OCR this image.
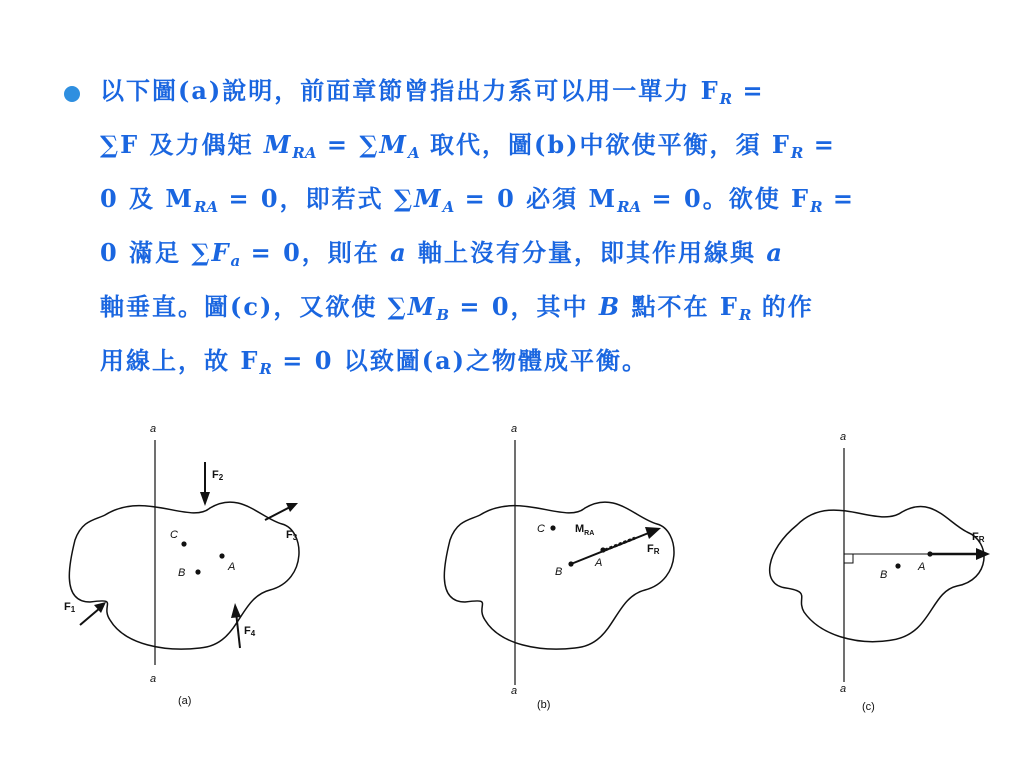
以下圖(a)說明，前面章節曾指出力系可以用一單力 $F_R$ =
∑F 及力偶矩 $M_{RA} = \sum M_A$ 取代，圖(b)中欲使平衡，須 $F_R$ =
0 及 $M_{RA} = 0$，即若式 $\sum M_A = 0$ 必須 $M_{RA} = 0$。欲使 $F_R$ =
0 滿足 $\sum F_a = 0$，則在 a 軸上沒有分量，即其作用線與 a
軸垂直。圖(c)，又欲使 $\sum M_B = 0$，其中 B 點不在 $F_R$ 的作
用線上，故 $F_R = 0$ 以致圖(a)之物體成平衡。
a
a
C
B	A
F2
F3
F1
F4
(a)
a
a
C	$M_{RA}$
B
A
FR
(b)
a
a
FR
B
A
(c)
